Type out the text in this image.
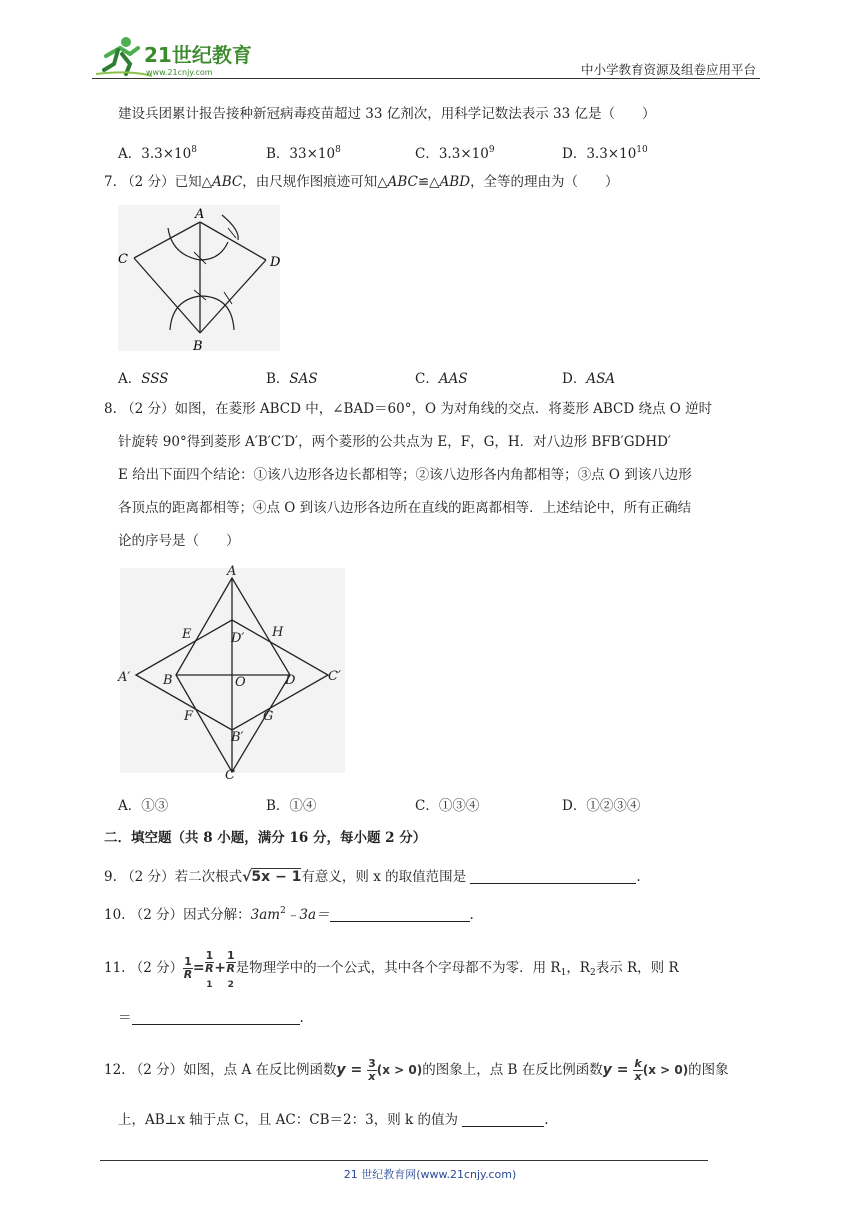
21世纪教育
www.21cnjy.com	中小学教育资源及组卷应用平台
建设兵团累计报告接种新冠病毒疫苗超过 33 亿剂次，用科学记数法表示 33 亿是（　　）
A．$3.3\times 10^8$	B．$33\times 10^8$	C．$3.3\times 10^9$	D．$3.3\times 10^{10}$
7. （2 分）已知△ABC，由尺规作图痕迹可知△ABC≌△ABD，全等的理由为（　　）
A
C	D
B
A．SSS	B．SAS	C．AAS	D．ASA
8. （2 分）如图，在菱形 ABCD 中，∠BAD＝60°，O 为对角线的交点．将菱形 ABCD 绕点 O 逆时
针旋转 90°得到菱形 A′B′C′D′，两个菱形的公共点为 E，F，G，H．对八边形 BFB′GDHD′
E 给出下面四个结论：①该八边形各边长都相等；②该八边形各内角都相等；③点 O 到该八边形
各顶点的距离都相等；④点 O 到该八边形各边所在直线的距离都相等．上述结论中，所有正确结
论的序号是（　　）
A
E	D′ H
A′	B	O	D	C′
F	G
B′
C
A．①③	B．①④	C．①③④	D．①②③④
二．填空题（共 8 小题，满分 16 分，每小题 2 分）
9. （2 分）若二次根式√5x − 1有意义，则 x 的取值范围是	.
10. （2 分）因式分解：$3am^2﹣3a=$	.
11. （2 分） $\frac{1}{R} = 1$
R
$_1$ + 1
R
$_2$ 是物理学中的一个公式，其中各个字母都不为零．用 $R_1$，$R_2$表示 R，则 R
＝	.
12. （2 分）如图，点 A 在反比例函数$y = \frac{3}{x} (x > 0)$的图象上，点 B 在反比例函数$y = \frac{k}{x} (x > 0)$的图象
上，AB⊥x 轴于点 C，且 AC：CB＝2：3，则 k 的值为	.
21 世纪教育网(www.21cnjy.com)
